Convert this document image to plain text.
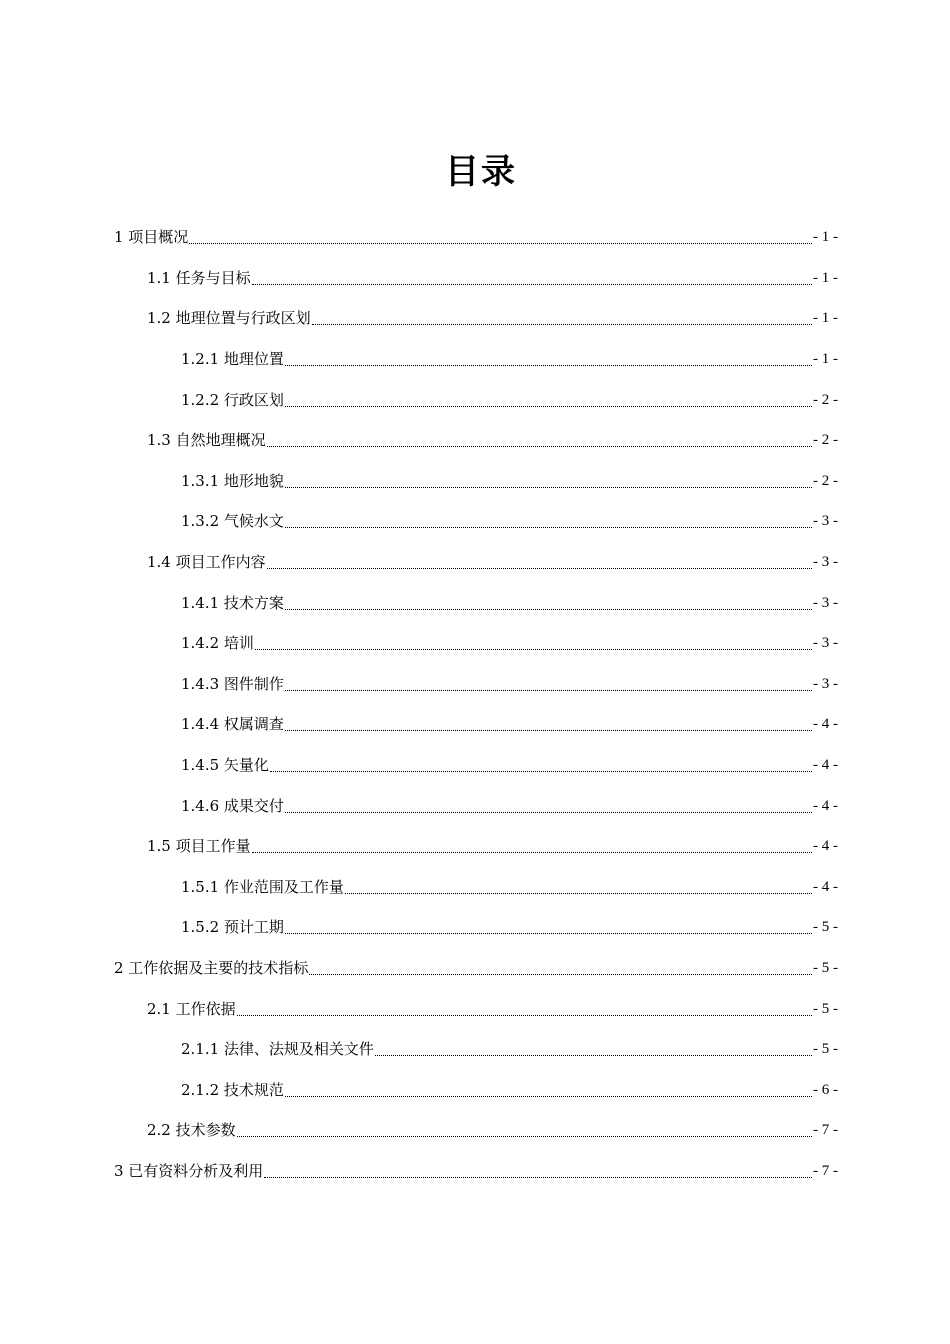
目录
1 项目概况	- 1 -
1.1 任务与目标	- 1 -
1.2 地理位置与行政区划	- 1 -
1.2.1 地理位置	- 1 -
1.2.2 行政区划	- 2 -
1.3 自然地理概况	- 2 -
1.3.1 地形地貌	- 2 -
1.3.2 气候水文	- 3 -
1.4 项目工作内容	- 3 -
1.4.1 技术方案	- 3 -
1.4.2 培训	- 3 -
1.4.3 图件制作	- 3 -
1.4.4 权属调查	- 4 -
1.4.5 矢量化	- 4 -
1.4.6 成果交付	- 4 -
1.5 项目工作量	- 4 -
1.5.1 作业范围及工作量	- 4 -
1.5.2 预计工期	- 5 -
2 工作依据及主要的技术指标	- 5 -
2.1 工作依据	- 5 -
2.1.1 法律、法规及相关文件	- 5 -
2.1.2 技术规范	- 6 -
2.2 技术参数	- 7 -
3 已有资料分析及利用	- 7 -
